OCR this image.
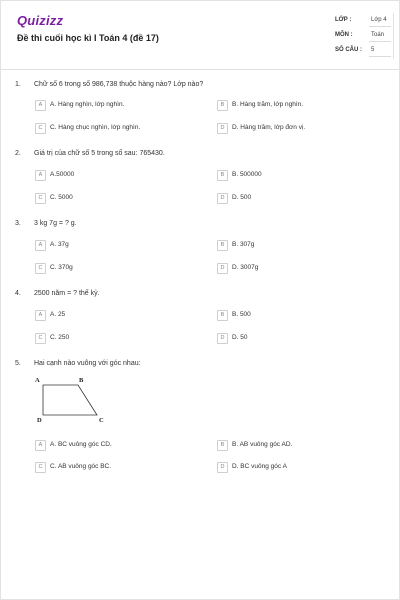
Quizizz
Đề thi cuối học kì I Toán 4 (đề 17)
LỚP :	Lớp 4
MÔN :	Toán
SỐ CÂU : 5
1. Chữ số 6 trong số 986,738 thuộc hàng nào? Lớp nào?
A	A. Hàng nghìn, lớp nghìn.	B	B. Hàng trăm, lớp nghìn.
C	C. Hàng chục nghìn, lớp nghìn.	D	D. Hàng trăm, lớp đơn vị.
2. Giá trị của chữ số 5 trong số sau: 765430.
A	A.50000	B	B. 500000
C	C. 5000	D	D. 500
3. 3 kg 7g = ? g.
A	A. 37g	B	B. 307g
C	C. 370g	D	D. 3007g
4. 2500 năm = ? thế kỷ.
A	A. 25	B	B. 500
C	C. 250	D	D. 50
5. Hai cạnh nào vuông với góc nhau:
A	B
D	C
A	A. BC vuông góc CD.	B	B. AB vuông góc AD.
C	C. AB vuông góc BC.	D	D. BC vuông góc A
